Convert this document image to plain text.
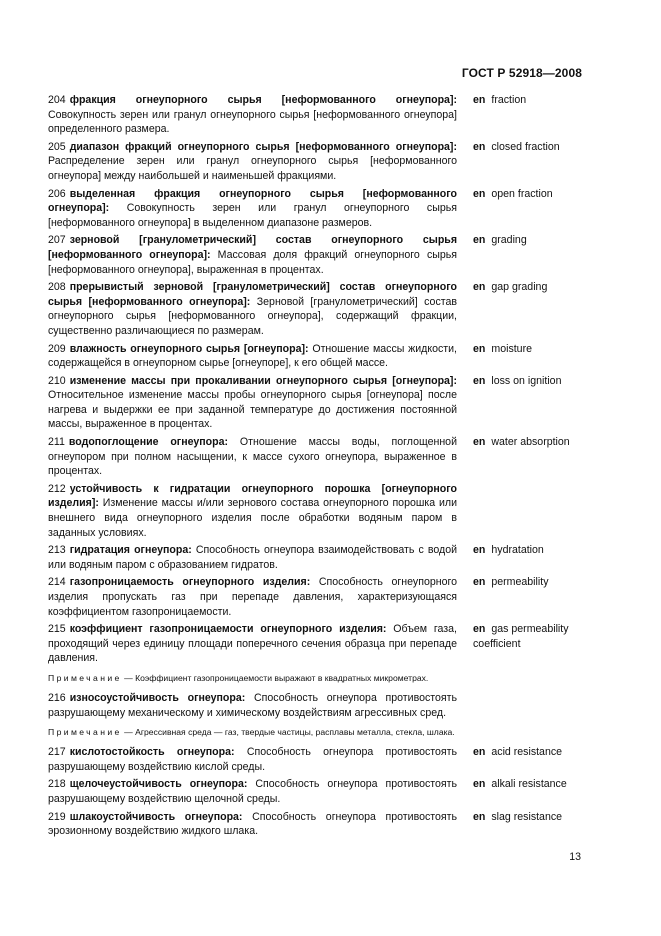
ГОСТ Р 52918—2008
204 фракция огнеупорного сырья [неформованного огнеупора]: Совокупность зерен или гранул огнеупорного сырья [неформованного огнеупора] определенного размера.
en fraction
205 диапазон фракций огнеупорного сырья [неформованного огнеупора]: Распределение зерен или гранул огнеупорного сырья [неформованного огнеупора] между наибольшей и наименьшей фракциями.
en closed fraction
206 выделенная фракция огнеупорного сырья [неформованного огнеупора]: Совокупность зерен или гранул огнеупорного сырья [неформованного огнеупора] в выделенном диапазоне размеров.
en open fraction
207 зерновой [гранулометрический] состав огнеупорного сырья [неформованного огнеупора]: Массовая доля фракций огнеупорного сырья [неформованного огнеупора], выраженная в процентах.
en grading
208 прерывистый зерновой [гранулометрический] состав огнеупорного сырья [неформованного огнеупора]: Зерновой [гранулометрический] состав огнеупорного сырья [неформованного огнеупора], содержащий фракции, существенно различающиеся по размерам.
en gap grading
209 влажность огнеупорного сырья [огнеупора]: Отношение массы жидкости, содержащейся в огнеупорном сырье [огнеупоре], к его общей массе.
en moisture
210 изменение массы при прокаливании огнеупорного сырья [огнеупора]: Относительное изменение массы пробы огнеупорного сырья [огнеупора] после нагрева и выдержки ее при заданной температуре до достижения постоянной массы, выраженное в процентах.
en loss on ignition
211 водопоглощение огнеупора: Отношение массы воды, поглощенной огнеупором при полном насыщении, к массе сухого огнеупора, выраженное в процентах.
en water absorption
212 устойчивость к гидратации огнеупорного порошка [огнеупорного изделия]: Изменение массы и/или зернового состава огнеупорного порошка или внешнего вида огнеупорного изделия после обработки водяным паром в заданных условиях.
213 гидратация огнеупора: Способность огнеупора взаимодействовать с водой или водяным паром с образованием гидратов.
en hydratation
214 газопроницаемость огнеупорного изделия: Способность огнеупорного изделия пропускать газ при перепаде давления, характеризующаяся коэффициентом газопроницаемости.
en permeability
215 коэффициент газопроницаемости огнеупорного изделия: Объем газа, проходящий через единицу площади поперечного сечения образца при перепаде давления.
en gas permeability coefficient
Примечание — Коэффициент газопроницаемости выражают в квадратных микрометрах.
216 износоустойчивость огнеупора: Способность огнеупора противостоять разрушающему механическому и химическому воздействиям агрессивных сред.
Примечание — Агрессивная среда — газ, твердые частицы, расплавы металла, стекла, шлака.
217 кислотостойкость огнеупора: Способность огнеупора противостоять разрушающему воздействию кислой среды.
en acid resistance
218 щелочеустойчивость огнеупора: Способность огнеупора противостоять разрушающему воздействию щелочной среды.
en alkali resistance
219 шлакоустойчивость огнеупора: Способность огнеупора противостоять эрозионному воздействию жидкого шлака.
en slag resistance
13
